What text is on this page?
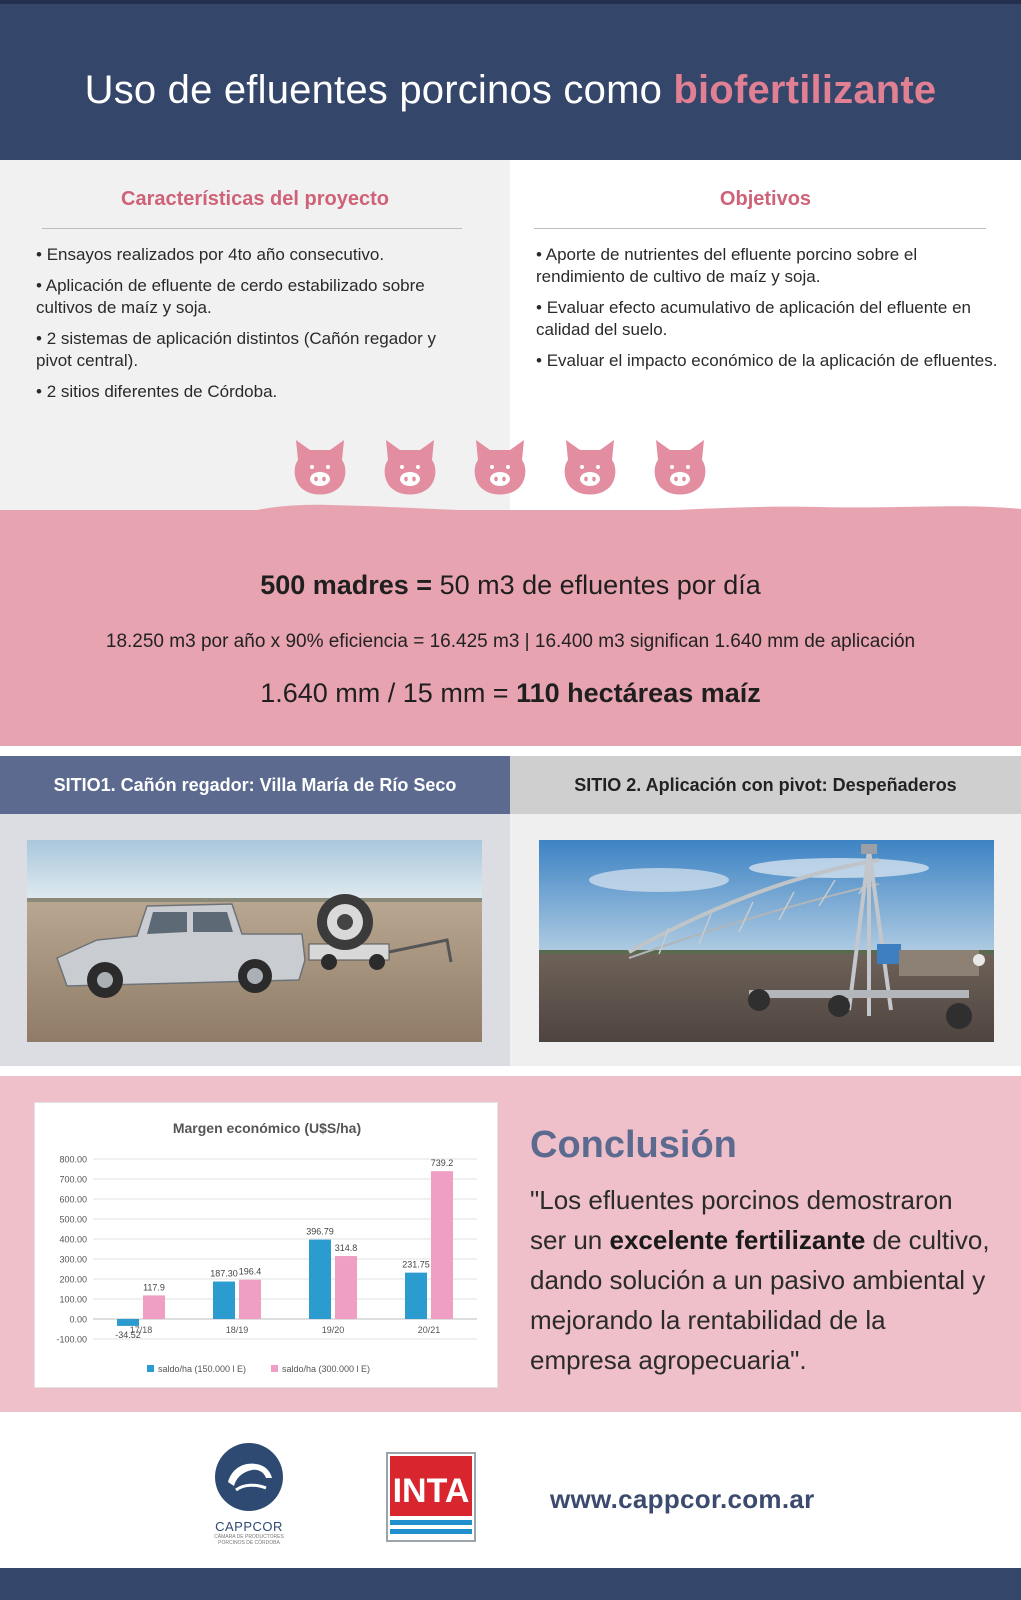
Uso de efluentes porcinos como biofertilizante
Características del proyecto
• Ensayos realizados por 4to año consecutivo.
• Aplicación de efluente de cerdo estabilizado sobre cultivos de maíz y soja.
• 2 sistemas de aplicación distintos (Cañón regador y pivot central).
• 2 sitios diferentes de Córdoba.
Objetivos
• Aporte de nutrientes del efluente porcino sobre el rendimiento de cultivo de maíz y soja.
• Evaluar efecto acumulativo de aplicación del efluente en calidad del suelo.
• Evaluar el impacto económico de la aplicación de efluentes.
500 madres = 50 m3 de efluentes por día
18.250 m3 por año x 90% eficiencia = 16.425 m3 | 16.400 m3 significan 1.640 mm de aplicación
1.640 mm / 15 mm = 110 hectáreas maíz
SITIO1. Cañón regador: Villa María de Río Seco	SITIO 2. Aplicación con pivot: Despeñaderos
Margen económico (U$S/ha)
800.00
700.00
600.00
500.00
400.00
300.00
200.00
100.00
0.00
-100.00	-34.52
117.9
187.30 196.4
396.79
314.8
231.75
739.2
17/18	18/19	19/20	20/21
saldo/ha (150.000 l E)	saldo/ha (300.000 l E)
Conclusión
"Los efluentes porcinos demostraron ser un excelente fertilizante de cultivo, dando solución a un pasivo ambiental y mejorando la rentabilidad de la empresa agropecuaria".
CAPPCOR
CÁMARA DE PRODUCTORES
PORCINOS DE CÓRDOBA
INTA	www.cappcor.com.ar
